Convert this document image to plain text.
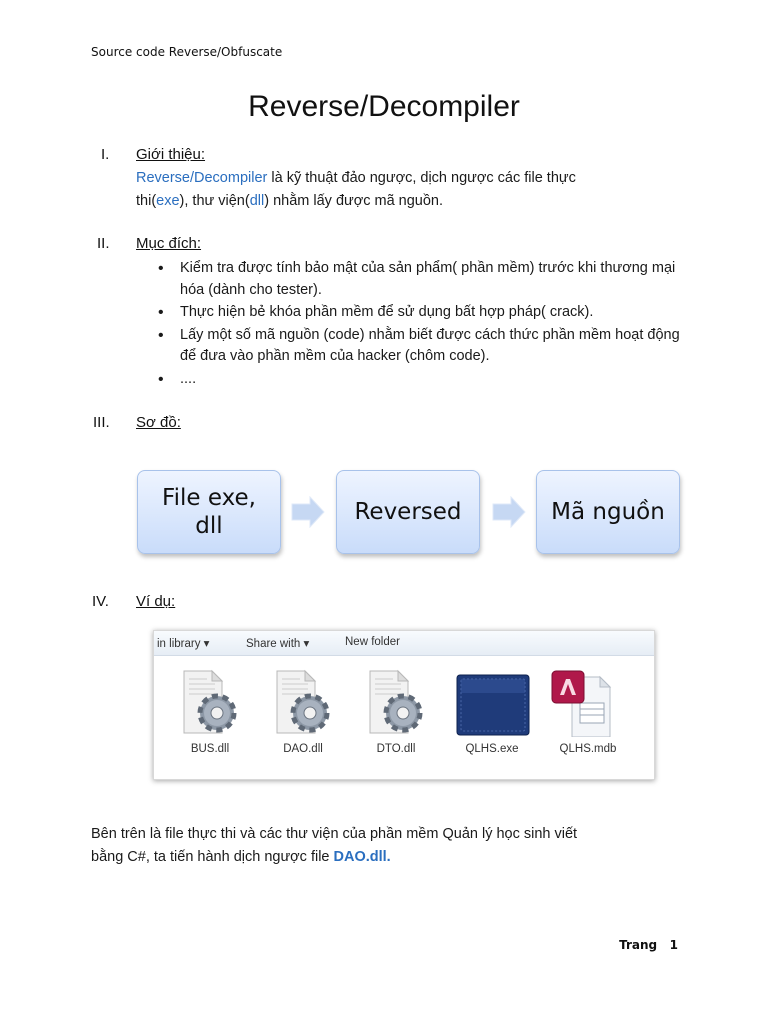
Source code Reverse/Obfuscate
Reverse/Decompiler
I. Giới thiệu:
Reverse/Decompiler là kỹ thuật đảo ngược, dịch ngược các file thực
thi(exe), thư viện(dll) nhằm lấy được mã nguồn.
II. Mục đích:
• Kiểm tra được tính bảo mật của sản phẩm( phần mềm) trước khi thương mại hóa (dành cho tester).
• Thực hiện bẻ khóa phần mềm để sử dụng bất hợp pháp( crack).
• Lấy một số mã nguồn (code) nhằm biết được cách thức phần mềm hoạt động để đưa vào phần mềm của hacker (chôm code).
• ....
III. Sơ đồ:
File exe,
dll
Reversed	Mã nguồn
IV. Ví dụ:
in library ▾	Share with ▾	New folder
BUS.dll	DAO.dll	DTO.dll	QLHS.exe	QLHS.mdb
Bên trên là file thực thi và các thư viện của phần mềm Quản lý học sinh viết
bằng C#, ta tiến hành dịch ngược file DAO.dll.
Trang 1
